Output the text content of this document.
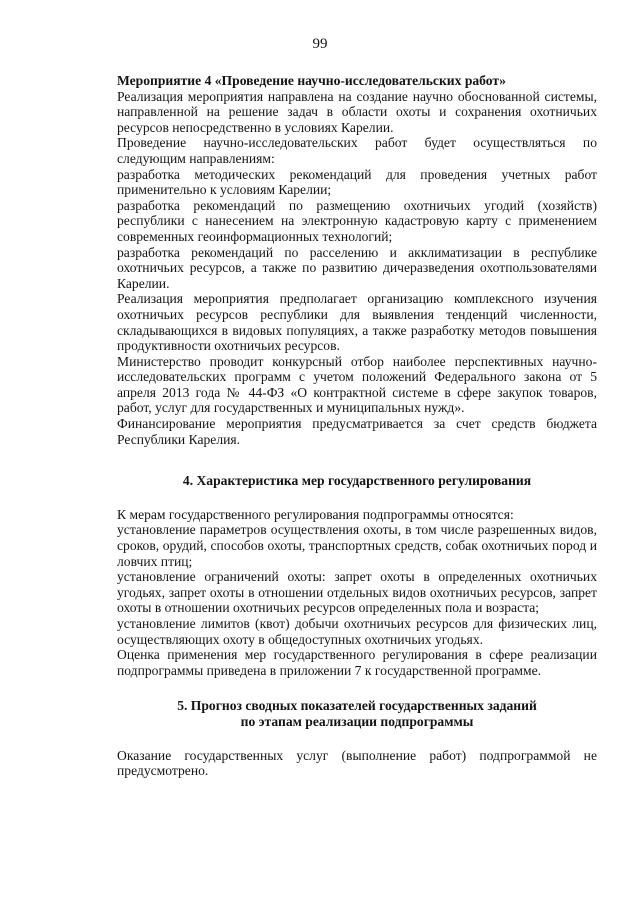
99

Мероприятие 4 «Проведение научно-исследовательских работ»

Реализация мероприятия направлена на создание научно обоснованной системы, направленной на решение задач в области охоты и сохранения охотничьих ресурсов непосредственно в условиях Карелии.

Проведение научно-исследовательских работ будет осуществляться по следующим направлениям:

разработка методических рекомендаций для проведения учетных работ применительно к условиям Карелии;

разработка рекомендаций по размещению охотничьих угодий (хозяйств) республики с нанесением на электронную кадастровую карту с применением современных геоинформационных технологий;

разработка рекомендаций по расселению и акклиматизации в республике охотничьих ресурсов, а также по развитию дичеразведения охотпользователями Карелии.

Реализация мероприятия предполагает организацию комплексного изучения охотничьих ресурсов республики для выявления тенденций численности, складывающихся в видовых популяциях, а также разработку методов повышения продуктивности охотничьих ресурсов.

Министерство проводит конкурсный отбор наиболее перспективных научно-исследовательских программ с учетом положений Федерального закона от 5 апреля 2013 года № 44-ФЗ «О контрактной системе в сфере закупок товаров, работ, услуг для государственных и муниципальных нужд».

Финансирование мероприятия предусматривается за счет средств бюджета Республики Карелия.

4. Характеристика мер государственного регулирования

К мерам государственного регулирования подпрограммы относятся:

установление параметров осуществления охоты, в том числе разрешенных видов, сроков, орудий, способов охоты, транспортных средств, собак охотничьих пород и ловчих птиц;

установление ограничений охоты: запрет охоты в определенных охотничьих угодьях, запрет охоты в отношении отдельных видов охотничьих ресурсов, запрет охоты в отношении охотничьих ресурсов определенных пола и возраста;

установление лимитов (квот) добычи охотничьих ресурсов для физических лиц, осуществляющих охоту в общедоступных охотничьих угодьях.

Оценка применения мер государственного регулирования в сфере реализации подпрограммы приведена в приложении 7 к государственной программе.

5. Прогноз сводных показателей государственных заданий
по этапам реализации подпрограммы

Оказание государственных услуг (выполнение работ) подпрограммой не предусмотрено.
